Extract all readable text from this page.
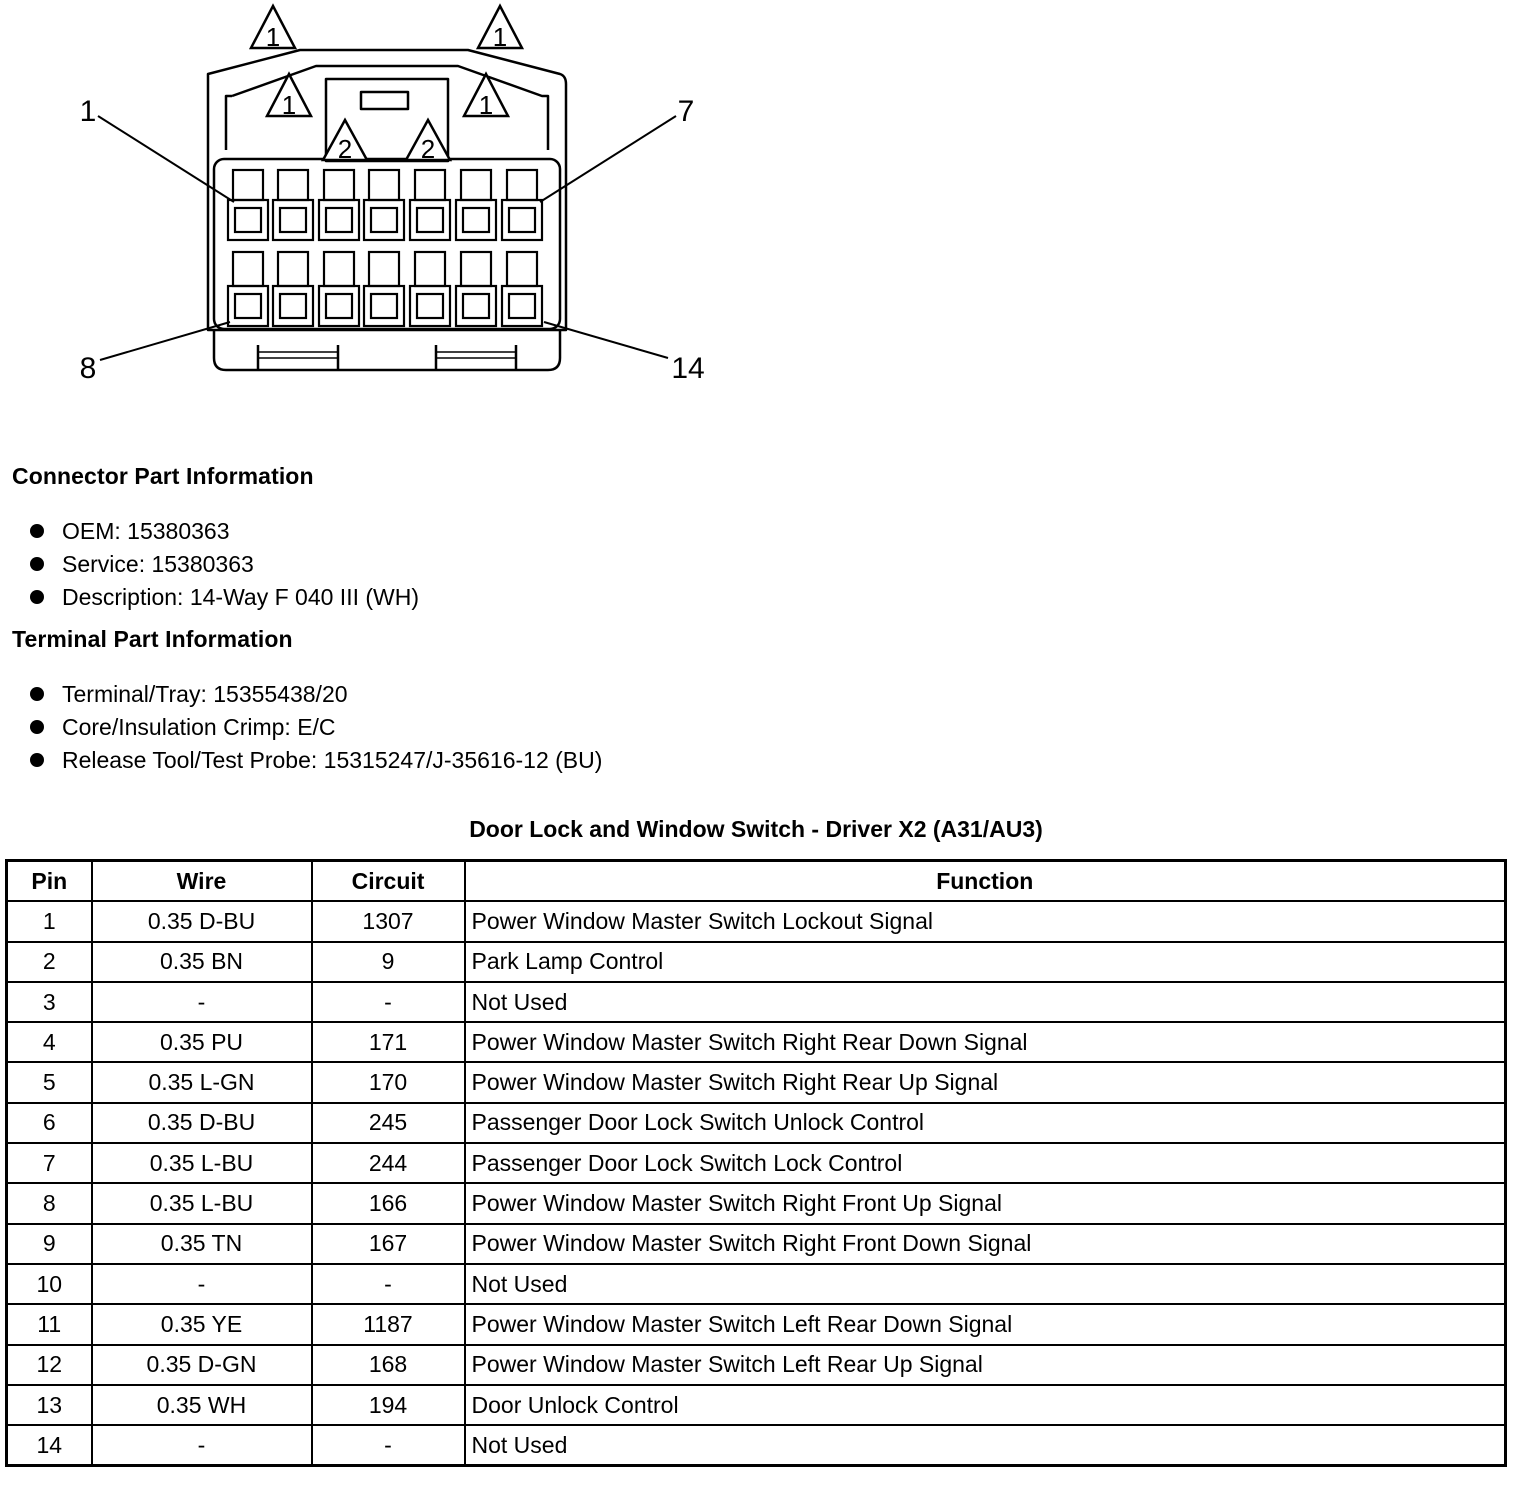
1	1
1	1
2	2
1	7
8	14
Connector Part Information
OEM: 15380363
Service: 15380363
Description: 14-Way F 040 III (WH)
Terminal Part Information
Terminal/Tray: 15355438/20
Core/Insulation Crimp: E/C
Release Tool/Test Probe: 15315247/J-35616-12 (BU)
Door Lock and Window Switch - Driver X2 (A31/AU3)
Pin	Wire	Circuit	Function
1	0.35 D-BU	1307	Power Window Master Switch Lockout Signal
2	0.35 BN	9	Park Lamp Control
3	-	-	Not Used
4	0.35 PU	171	Power Window Master Switch Right Rear Down Signal
5	0.35 L-GN	170	Power Window Master Switch Right Rear Up Signal
6	0.35 D-BU	245	Passenger Door Lock Switch Unlock Control
7	0.35 L-BU	244	Passenger Door Lock Switch Lock Control
8	0.35 L-BU	166	Power Window Master Switch Right Front Up Signal
9	0.35 TN	167	Power Window Master Switch Right Front Down Signal
10	-	-	Not Used
11	0.35 YE	1187	Power Window Master Switch Left Rear Down Signal
12	0.35 D-GN	168	Power Window Master Switch Left Rear Up Signal
13	0.35 WH	194	Door Unlock Control
14	-	-	Not Used
